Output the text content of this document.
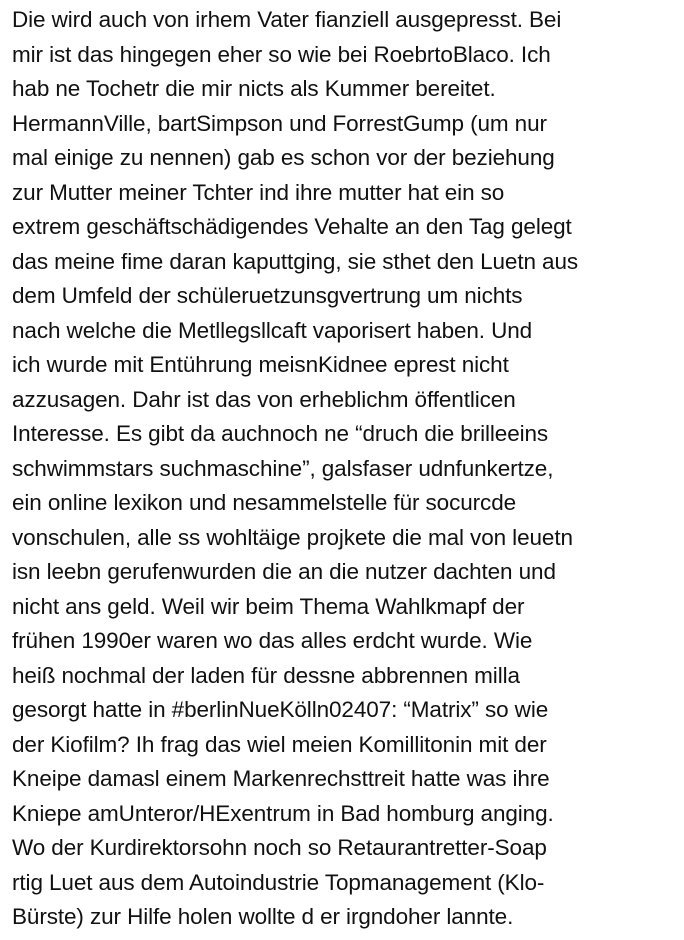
Die wird auch von irhem Vater fianziell ausgepresst. Bei
mir ist das hingegen eher so wie bei RoebrtoBlaco. Ich
hab ne Tochetr die mir nicts als Kummer bereitet.
HermannVille, bartSimpson und ForrestGump (um nur
mal einige zu nennen) gab es schon vor der beziehung
zur Mutter meiner Tchter ind ihre mutter hat ein so
extrem geschäftschädigendes Vehalte an den Tag gelegt
das meine fime daran kaputtging, sie sthet den Luetn aus
dem Umfeld der schüleruetzunsgvertrung um nichts
nach welche die Metllegsllcaft vaporisert haben. Und
ich wurde mit Entührung meisnKidnee eprest nicht
azzusagen. Dahr ist das von erheblichm öffentlicen
Interesse. Es gibt da auchnoch ne “druch die brilleeins
schwimmstars suchmaschine”, galsfaser udnfunkertze,
ein online lexikon und nesammelstelle für socurcde
vonschulen, alle ss wohltäige projkete die mal von leuetn
isn leebn gerufenwurden die an die nutzer dachten und
nicht ans geld. Weil wir beim Thema Wahlkmapf der
frühen 1990er waren wo das alles erdcht wurde. Wie
heiß nochmal der laden für dessne abbrennen milla
gesorgt hatte in #berlinNueKölln02407: “Matrix” so wie
der Kiofilm? Ih frag das wiel meien Komillitonin mit der
Kneipe damasl einem Markenrechsttreit hatte was ihre
Kniepe amUnteror/HExentrum in Bad homburg anging.
Wo der Kurdirektorsohn noch so Retaurantretter-Soap
rtig Luet aus dem Autoindustrie Topmanagement (Klo-
Bürste) zur Hilfe holen wollte d er irgndoher lannte.
